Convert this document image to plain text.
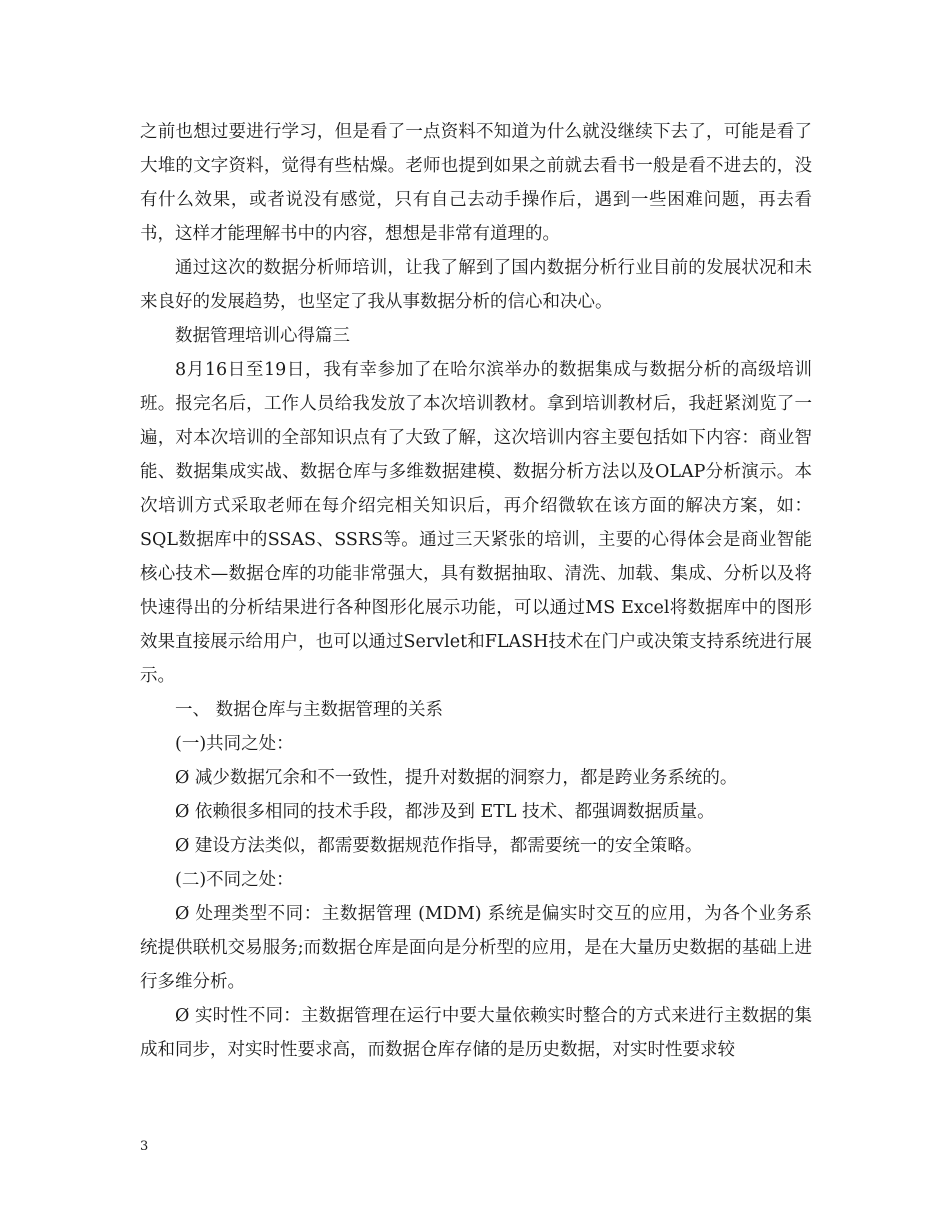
之前也想过要进行学习，但是看了一点资料不知道为什么就没继续下去了，可能是看了大堆的文字资料，觉得有些枯燥。老师也提到如果之前就去看书一般是看不进去的，没有什么效果，或者说没有感觉，只有自己去动手操作后，遇到一些困难问题，再去看书，这样才能理解书中的内容，想想是非常有道理的。

通过这次的数据分析师培训，让我了解到了国内数据分析行业目前的发展状况和未来良好的发展趋势，也坚定了我从事数据分析的信心和决心。

数据管理培训心得篇三

8月16日至19日，我有幸参加了在哈尔滨举办的数据集成与数据分析的高级培训班。报完名后，工作人员给我发放了本次培训教材。拿到培训教材后，我赶紧浏览了一遍，对本次培训的全部知识点有了大致了解，这次培训内容主要包括如下内容：商业智能、数据集成实战、数据仓库与多维数据建模、数据分析方法以及OLAP分析演示。本次培训方式采取老师在每介绍完相关知识后，再介绍微软在该方面的解决方案，如：SQL数据库中的SSAS、SSRS等。通过三天紧张的培训，主要的心得体会是商业智能核心技术—数据仓库的功能非常强大，具有数据抽取、清洗、加载、集成、分析以及将快速得出的分析结果进行各种图形化展示功能，可以通过MS Excel将数据库中的图形效果直接展示给用户，也可以通过Servlet和FLASH技术在门户或决策支持系统进行展示。

一、 数据仓库与主数据管理的关系

(一)共同之处：

Ø 减少数据冗余和不一致性，提升对数据的洞察力，都是跨业务系统的。

Ø 依赖很多相同的技术手段，都涉及到 ETL 技术、都强调数据质量。

Ø 建设方法类似，都需要数据规范作指导，都需要统一的安全策略。

(二)不同之处：

Ø 处理类型不同：主数据管理 (MDM) 系统是偏实时交互的应用，为各个业务系统提供联机交易服务;而数据仓库是面向是分析型的应用，是在大量历史数据的基础上进行多维分析。

Ø 实时性不同：主数据管理在运行中要大量依赖实时整合的方式来进行主数据的集成和同步，对实时性要求高，而数据仓库存储的是历史数据，对实时性要求较

3
